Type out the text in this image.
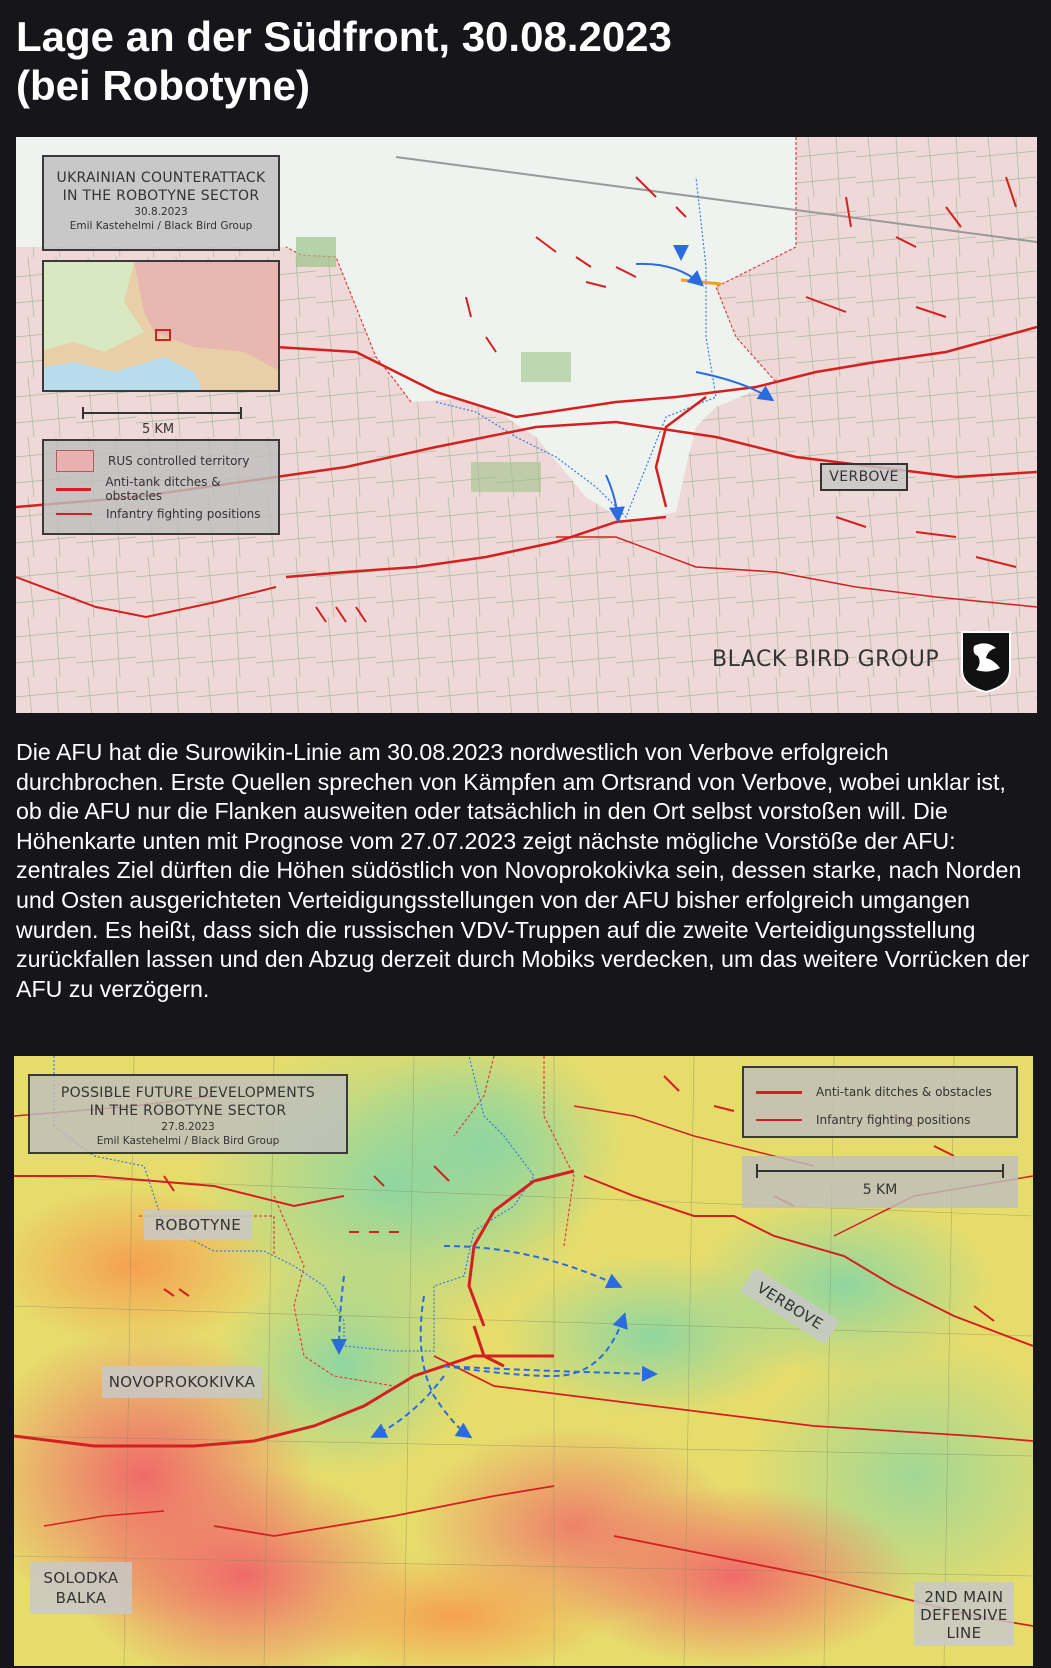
Lage an der Südfront, 30.08.2023
(bei Robotyne)
UKRAINIAN COUNTERATTACK
IN THE ROBOTYNE SECTOR
30.8.2023
Emil Kastehelmi / Black Bird Group
5 KM
RUS controlled territory
Anti-tank ditches & obstacles
Infantry fighting positions
VERBOVE
BLACK BIRD GROUP

Die AFU hat die Surowikin-Linie am 30.08.2023 nordwestlich von Verbove erfolgreich durchbrochen. Erste Quellen sprechen von Kämpfen am Ortsrand von Verbove, wobei unklar ist, ob die AFU nur die Flanken ausweiten oder tatsächlich in den Ort selbst vorstoßen will. Die Höhenkarte unten mit Prognose vom 27.07.2023 zeigt nächste mögliche Vorstöße der AFU: zentrales Ziel dürften die Höhen südöstlich von Novoprokokivka sein, dessen starke, nach Norden und Osten ausgerichteten Verteidigungsstellungen von der AFU bisher erfolgreich umgangen wurden. Es heißt, dass sich die russischen VDV-Truppen auf die zweite Verteidigungsstellung zurückfallen lassen und den Abzug derzeit durch Mobiks verdecken, um das weitere Vorrücken der AFU zu verzögern.

POSSIBLE FUTURE DEVELOPMENTS
IN THE ROBOTYNE SECTOR
27.8.2023
Emil Kastehelmi / Black Bird Group
Anti-tank ditches & obstacles
Infantry fighting positions
5 KM
ROBOTYNE
NOVOPROKOKIVKA
VERBOVE
SOLODKA
BALKA	2ND MAIN
DEFENSIVE
LINE
